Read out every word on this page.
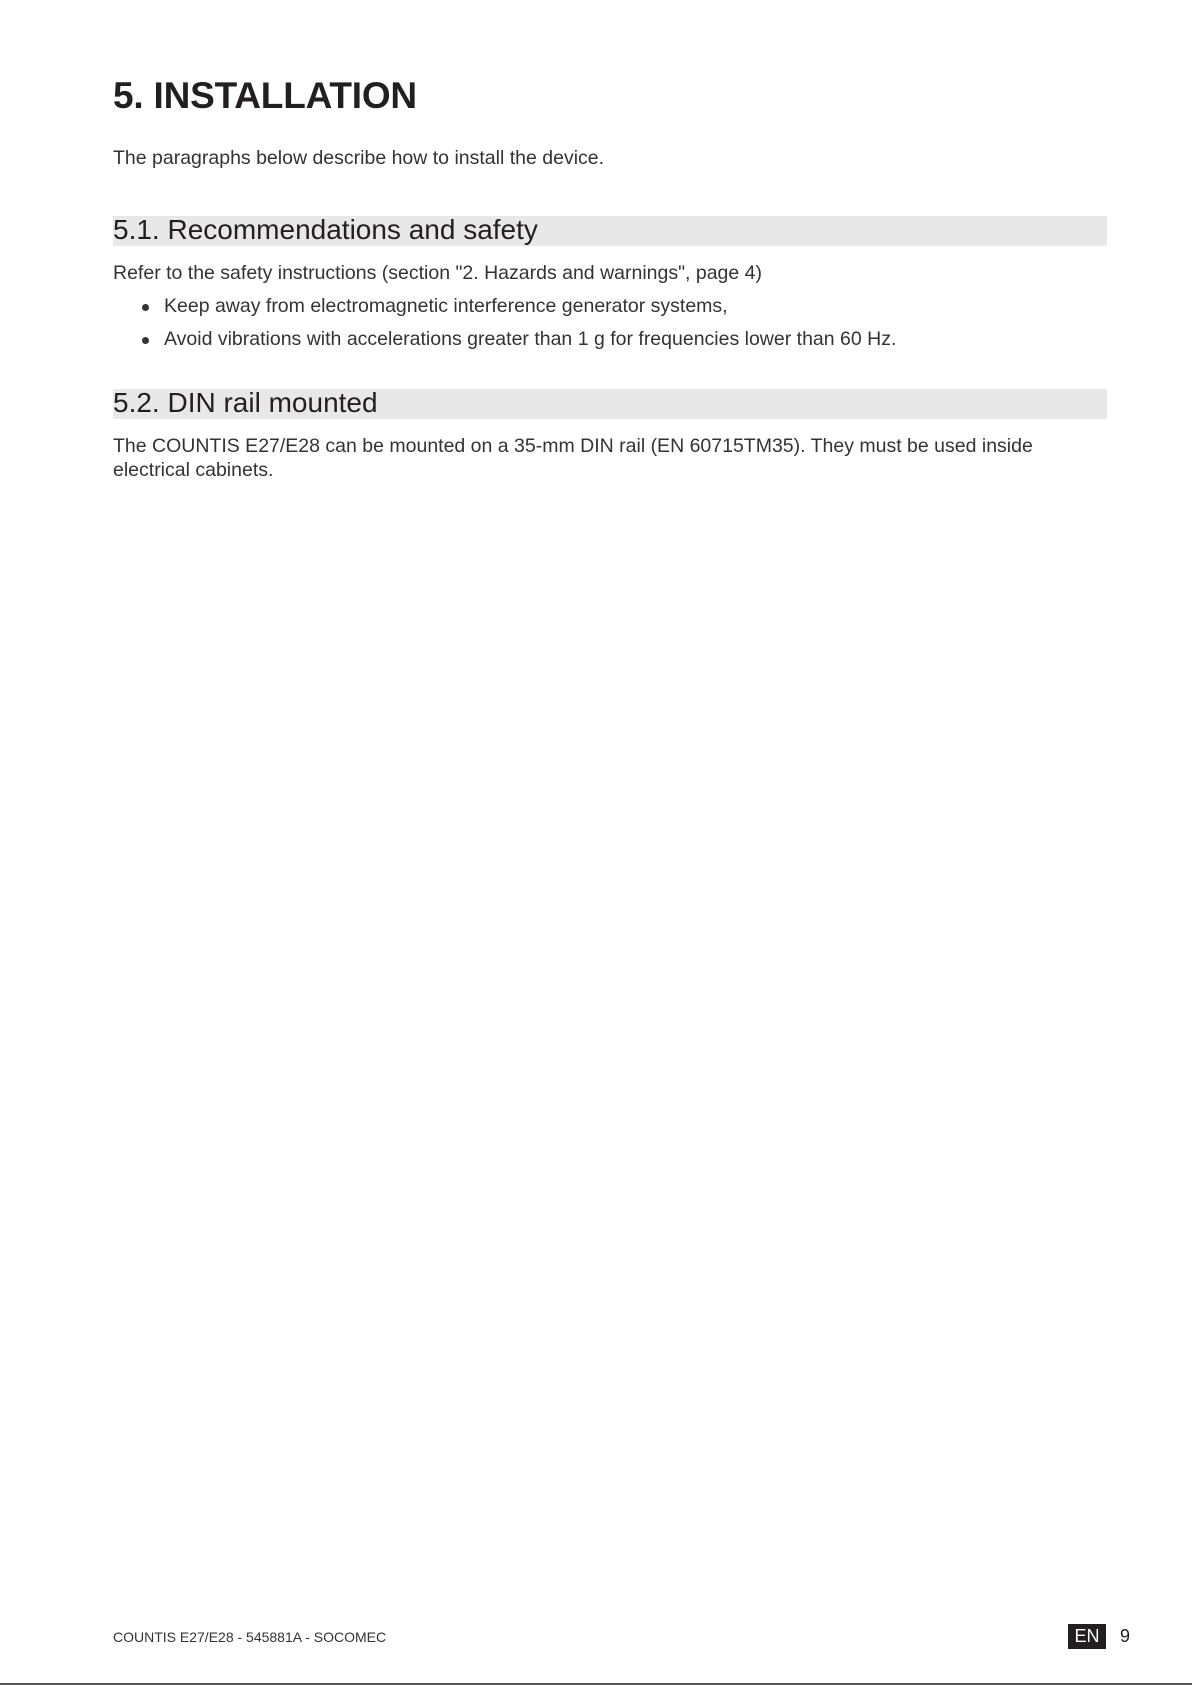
5. INSTALLATION

The paragraphs below describe how to install the device.

5.1. Recommendations and safety

Refer to the safety instructions (section "2. Hazards and warnings", page 4)

Keep away from electromagnetic interference generator systems,
Avoid vibrations with accelerations greater than 1 g for frequencies lower than 60 Hz.
5.2. DIN rail mounted

The COUNTIS E27/E28 can be mounted on a 35-mm DIN rail (EN 60715TM35). They must be used inside electrical cabinets.

COUNTIS E27/E28 - 545881A - SOCOMEC	EN	9
